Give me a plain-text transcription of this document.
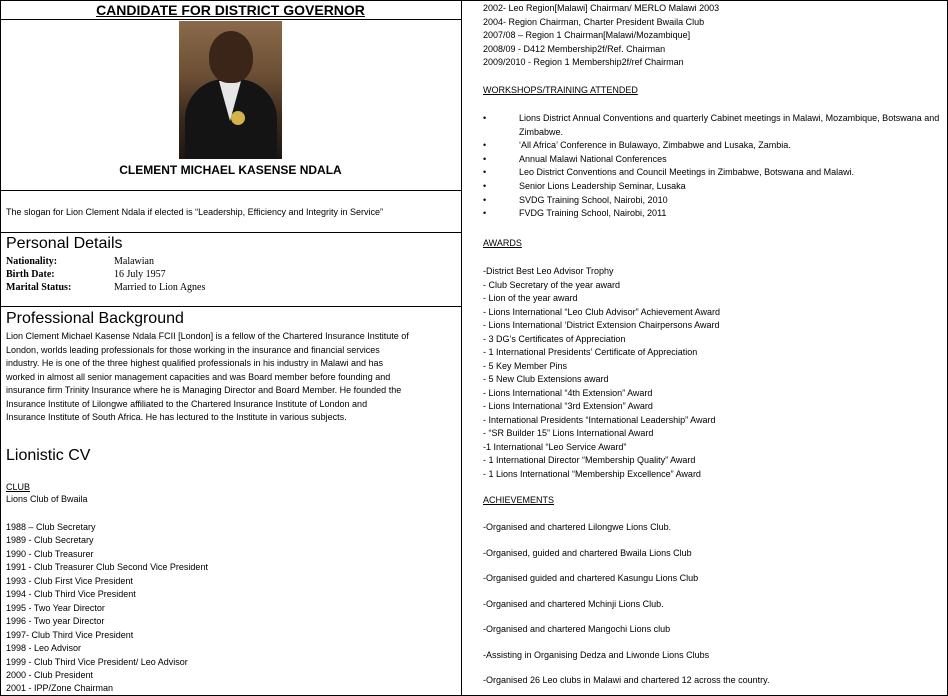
CANDIDATE FOR DISTRICT GOVERNOR
CLEMENT MICHAEL KASENSE NDALA
The slogan for Lion Clement Ndala if elected is “Leadership, Efficiency and Integrity in Service”
Personal Details
Nationality:	Malawian
Birth Date:	16 July 1957
Marital Status:	Married to Lion Agnes
Professional Background
Lion Clement Michael Kasense Ndala FCII [London] is a fellow of the Chartered Insurance Institute of
London, worlds leading professionals for those working in the insurance and financial services
industry. He is one of the three highest qualified professionals in his industry in Malawi and has
worked in almost all senior management capacities and was Board member before founding and
insurance firm Trinity Insurance where he is Managing Director and Board Member. He founded the
Insurance Institute of Lilongwe affiliated to the Chartered Insurance Institute of London and
Insurance Institute of South Africa. He has lectured to the Institute in various subjects.
Lionistic CV
CLUB
Lions Club of Bwaila
1988 – Club Secretary
1989 - Club Secretary
1990 - Club Treasurer
1991 - Club Treasurer Club Second Vice President
1993 - Club First Vice President
1994 - Club Third Vice President
1995 - Two Year Director
1996 - Two year Director
1997- Club Third Vice President
1998 - Leo Advisor
1999 - Club Third Vice President/ Leo Advisor
2000 - Club President
2001 - IPP/Zone Chairman
2002- Leo Region[Malawi] Chairman/ MERLO Malawi 2003
2004- Region Chairman, Charter President Bwaila Club
2007/08 – Region 1 Chairman[Malawi/Mozambique]
2008/09 - D412 Membership2f/Ref. Chairman
2009/2010 - Region 1 Membership2f/ref Chairman
WORKSHOPS/TRAINING ATTENDED
•	Lions District Annual Conventions and quarterly Cabinet meetings in Malawi, Mozambique, Botswana and Zimbabwe.
•	‘All Africa’ Conference in Bulawayo, Zimbabwe and Lusaka, Zambia.
•	Annual Malawi National Conferences
•	Leo District Conventions and Council Meetings in Zimbabwe, Botswana and Malawi.
•	Senior Lions Leadership Seminar, Lusaka
•	SVDG Training School, Nairobi, 2010
•	FVDG Training School, Nairobi, 2011
AWARDS
-District Best Leo Advisor Trophy
- Club Secretary of the year award
- Lion of the year award
- Lions International “Leo Club Advisor” Achievement Award
- Lions International ‘District Extension Chairpersons Award
- 3 DG’s Certificates of Appreciation
- 1 International Presidents’ Certificate of Appreciation
- 5 Key Member Pins
- 5 New Club Extensions award
- Lions International “4th Extension” Award
- Lions International “3rd Extension” Award
- International Presidents “International Leadership” Award
- “SR Builder 15” Lions International Award
-1 International “Leo Service Award”
- 1 International Director “Membership Quality” Award
- 1 Lions International “Membership Excellence” Award
ACHIEVEMENTS
-Organised and chartered Lilongwe Lions Club.
-Organised, guided and chartered Bwaila Lions Club
-Organised guided and chartered Kasungu Lions Club
-Organised and chartered Mchinji Lions Club.
-Organised and chartered Mangochi Lions club
-Assisting in Organising Dedza and Liwonde Lions Clubs
-Organised 26 Leo clubs in Malawi and chartered 12 across the country.
